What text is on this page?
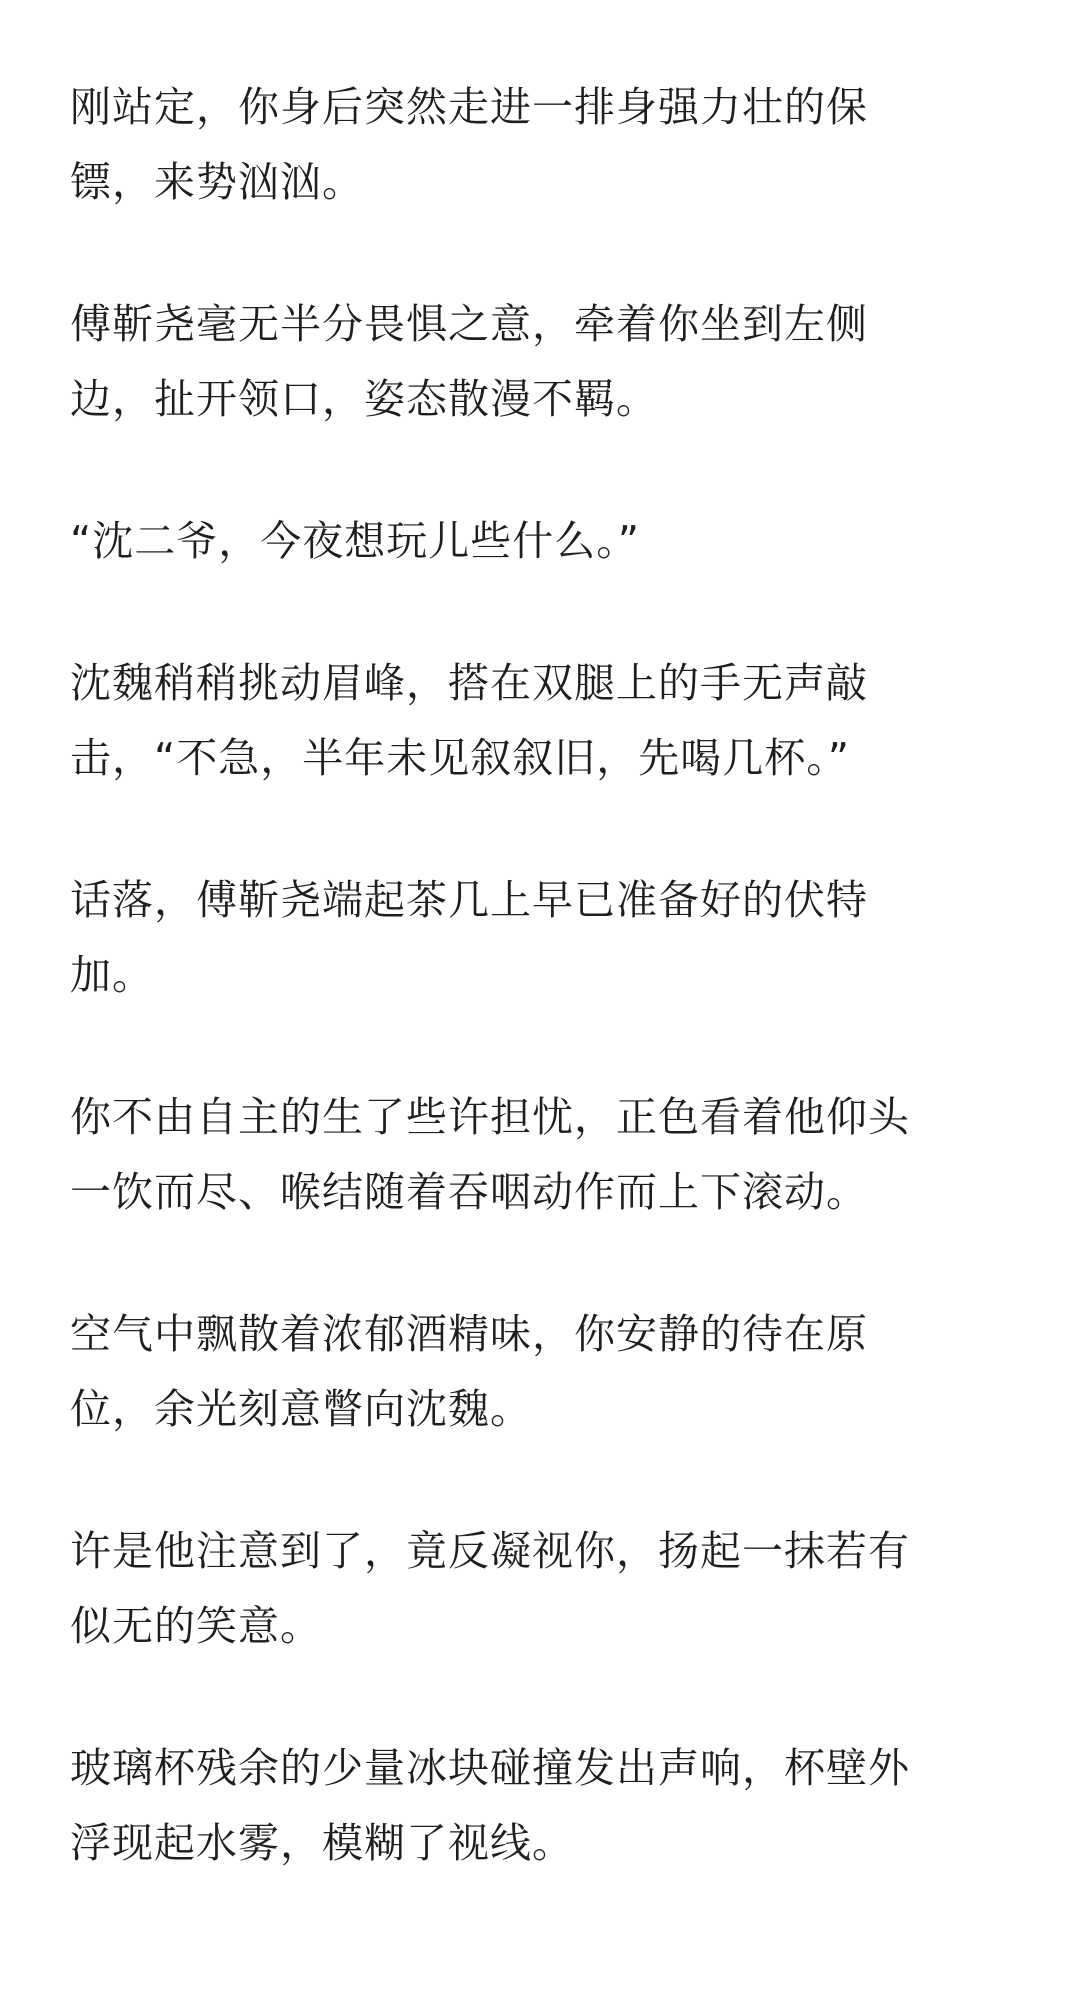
刚站定，你身后突然走进一排身强力壮的保
镖，来势汹汹。

傅靳尧毫无半分畏惧之意，牵着你坐到左侧
边，扯开领口，姿态散漫不羁。

“沈二爷，今夜想玩儿些什么。”

沈魏稍稍挑动眉峰，搭在双腿上的手无声敲
击，“不急，半年未见叙叙旧，先喝几杯。”

话落，傅靳尧端起茶几上早已准备好的伏特
加。

你不由自主的生了些许担忧，正色看着他仰头
一饮而尽、喉结随着吞咽动作而上下滚动。

空气中飘散着浓郁酒精味，你安静的待在原
位，余光刻意瞥向沈魏。

许是他注意到了，竟反凝视你，扬起一抹若有
似无的笑意。

玻璃杯残余的少量冰块碰撞发出声响，杯壁外
浮现起水雾，模糊了视线。
